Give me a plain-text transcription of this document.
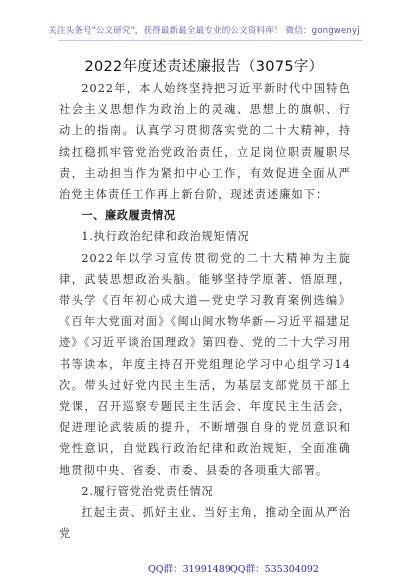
关注头条号"公文研究"，获得最新最全最专业的公文资料库！ 微信：gongwenyj
2022年度述责述廉报告（3075字）

2022年，本人始终坚持把习近平新时代中国特色社会主义思想作为政治上的灵魂、思想上的旗帜、行动上的指南。认真学习贯彻落实党的二十大精神，持续扛稳抓牢管党治党政治责任，立足岗位职责履职尽责，主动担当作为紧扣中心工作，有效促进全面从严治党主体责任工作再上新台阶，现述责述廉如下：

一、廉政履责情况

1.执行政治纪律和政治规矩情况

2022年以学习宣传贯彻党的二十大精神为主旋律，武装思想政治头脑。能够坚持学原著、悟原理，带头学《百年初心成大道—党史学习教育案例选编》《百年大党面对面》《闽山闽水物华新—习近平福建足迹》《习近平谈治国理政》第四卷、党的二十大学习用书等读本，年度主持召开党组理论学习中心组学习14次。带头过好党内民主生活，为基层支部党员干部上党课，召开巡察专题民主生活会、年度民主生活会，促进理论武装质的提升，不断增强自身的党员意识和党性意识，自觉践行政治纪律和政治规矩，全面准确地贯彻中央、省委、市委、县委的各项重大部署。

2.履行管党治党责任情况

扛起主责、抓好主业、当好主角，推动全面从严治党

QQ群：31991489 QQ群：535304092
